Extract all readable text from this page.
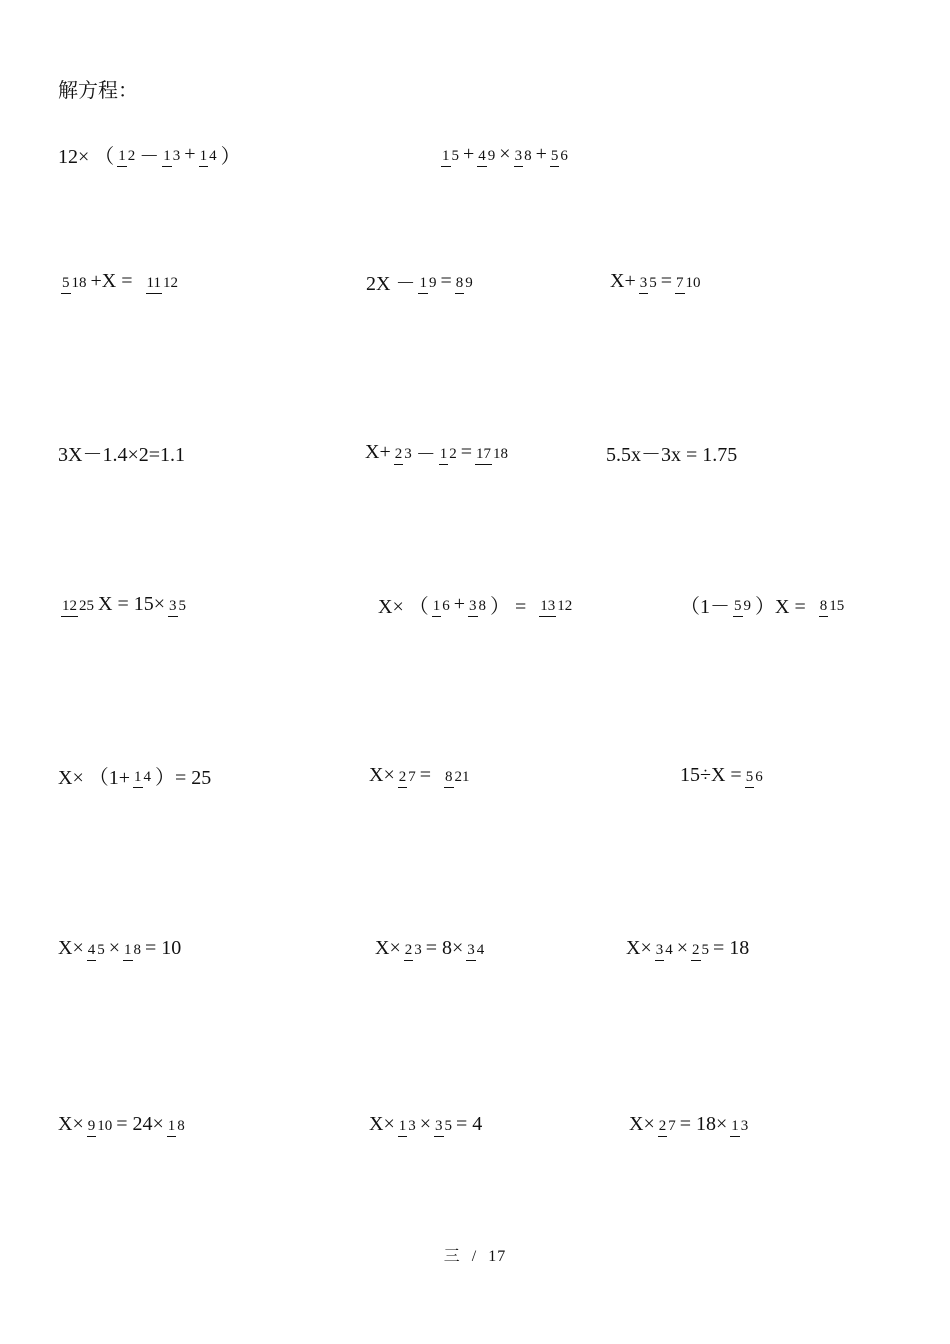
解方程：
12× （ 1 2 － 1 3 + 1 4 ）	1 5 + 4 9 × 3 8 + 5 6
5 18 +X = 11 12	2X － 1 9 = 8 9	X+ 3 5 = 7 10
3X－1.4×2=1.1	X+ 2 3 － 1 2 = 17 18	5.5x－3x = 1.75
12 25 X = 15× 3 5	X× （ 1 6 + 3 8 ） = 13 12	（1－ 5 9 ）X = 8 15
X× （1+ 1 4 ）= 25	X× 2 7 = 8 21	15÷X = 5 6
X× 4 5 × 1 8 = 10	X× 2 3 = 8× 3 4	X× 3 4 × 2 5 = 18
X× 9 10 = 24× 1 8	X× 1 3 × 3 5 = 4	X× 2 7 = 18× 1 3
三 / 17
